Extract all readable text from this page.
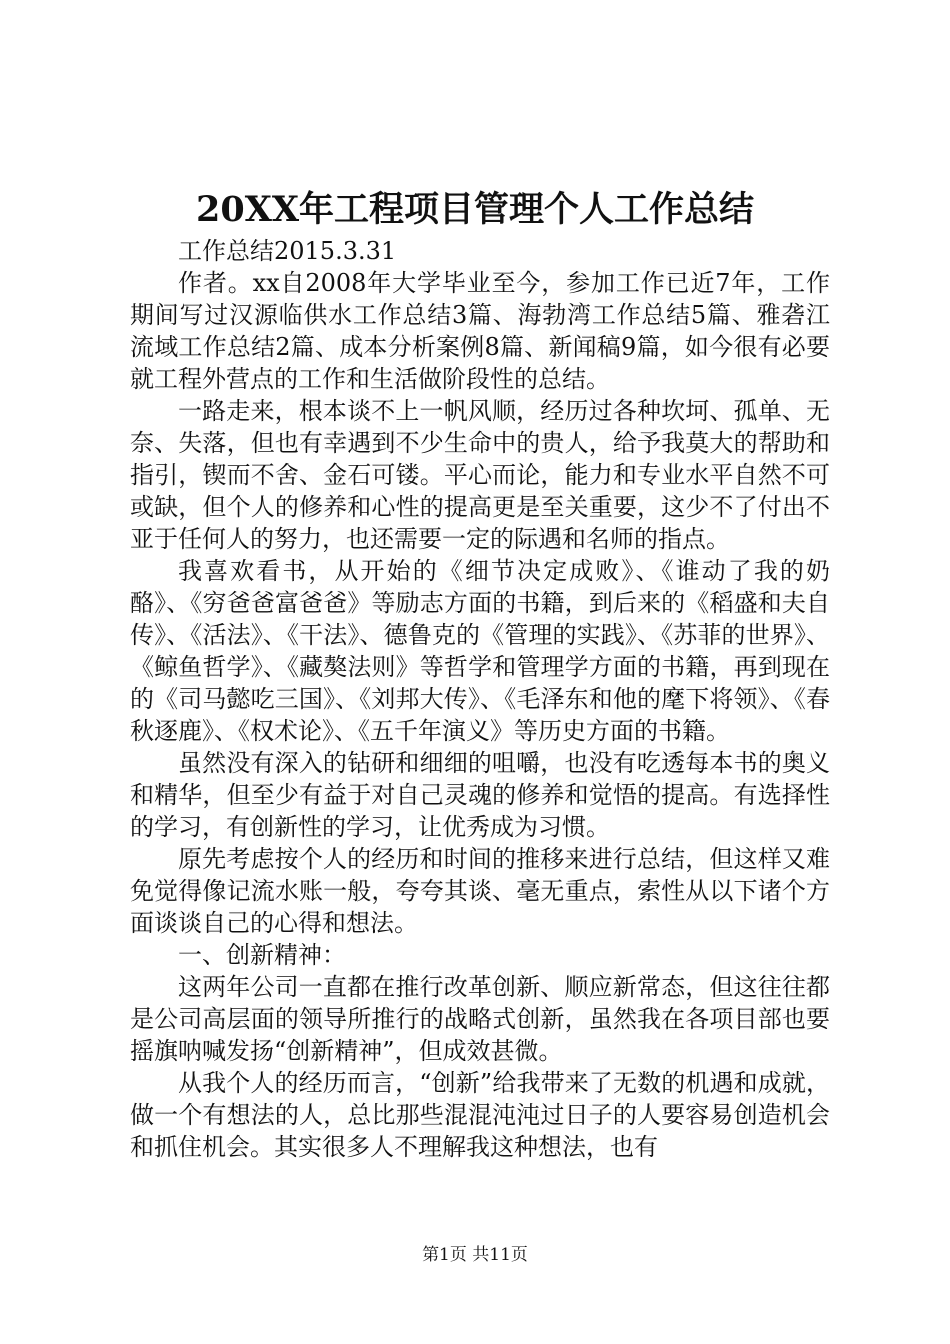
20XX年工程项目管理个人工作总结

工作总结2015.3.31

作者。xx自2008年大学毕业至今，参加工作已近7年，工作期间写过汉源临供水工作总结3篇、海勃湾工作总结5篇、雅砻江流域工作总结2篇、成本分析案例8篇、新闻稿9篇，如今很有必要就工程外营点的工作和生活做阶段性的总结。

一路走来，根本谈不上一帆风顺，经历过各种坎坷、孤单、无奈、失落，但也有幸遇到不少生命中的贵人，给予我莫大的帮助和指引，锲而不舍、金石可镂。平心而论，能力和专业水平自然不可或缺，但个人的修养和心性的提高更是至关重要，这少不了付出不亚于任何人的努力，也还需要一定的际遇和名师的指点。

我喜欢看书，从开始的《细节决定成败》、《谁动了我的奶酪》、《穷爸爸富爸爸》等励志方面的书籍，到后来的《稻盛和夫自传》、《活法》、《干法》、德鲁克的《管理的实践》、《苏菲的世界》、《鲸鱼哲学》、《藏獒法则》等哲学和管理学方面的书籍，再到现在的《司马懿吃三国》、《刘邦大传》、《毛泽东和他的麾下将领》、《春秋逐鹿》、《权术论》、《五千年演义》等历史方面的书籍。

虽然没有深入的钻研和细细的咀嚼，也没有吃透每本书的奥义和精华，但至少有益于对自己灵魂的修养和觉悟的提高。有选择性的学习，有创新性的学习，让优秀成为习惯。

原先考虑按个人的经历和时间的推移来进行总结，但这样又难免觉得像记流水账一般，夸夸其谈、毫无重点，索性从以下诸个方面谈谈自己的心得和想法。

一、创新精神：

这两年公司一直都在推行改革创新、顺应新常态，但这往往都是公司高层面的领导所推行的战略式创新，虽然我在各项目部也要摇旗呐喊发扬“创新精神”，但成效甚微。

从我个人的经历而言，“创新”给我带来了无数的机遇和成就，做一个有想法的人，总比那些混混沌沌过日子的人要容易创造机会和抓住机会。其实很多人不理解我这种想法，也有

第1页 共11页
